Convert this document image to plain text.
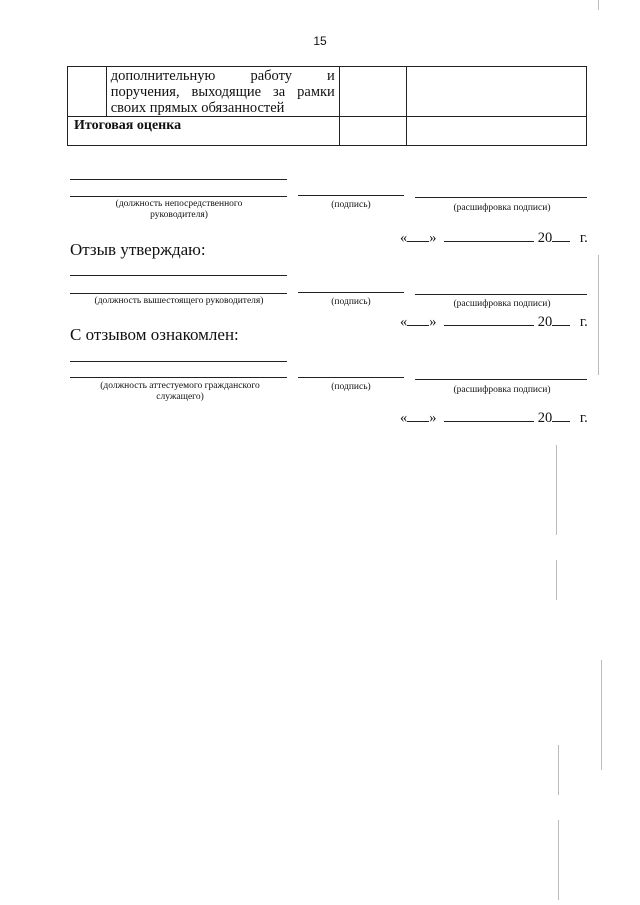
15

	дополнительную работу и поручения, выходящие за рамки своих прямых обязанностей		

Итоговая оценка			

(должность непосредственного руководителя)
(подпись)	(расшифровка подписи)
« »	20 г.
Отзыв утверждаю:
(должность вышестоящего руководителя)	(подпись)	(расшифровка подписи)
« »	20 г.
С отзывом ознакомлен:
(должность аттестуемого гражданского служащего)
(подпись)	(расшифровка подписи)
« »	20 г.
